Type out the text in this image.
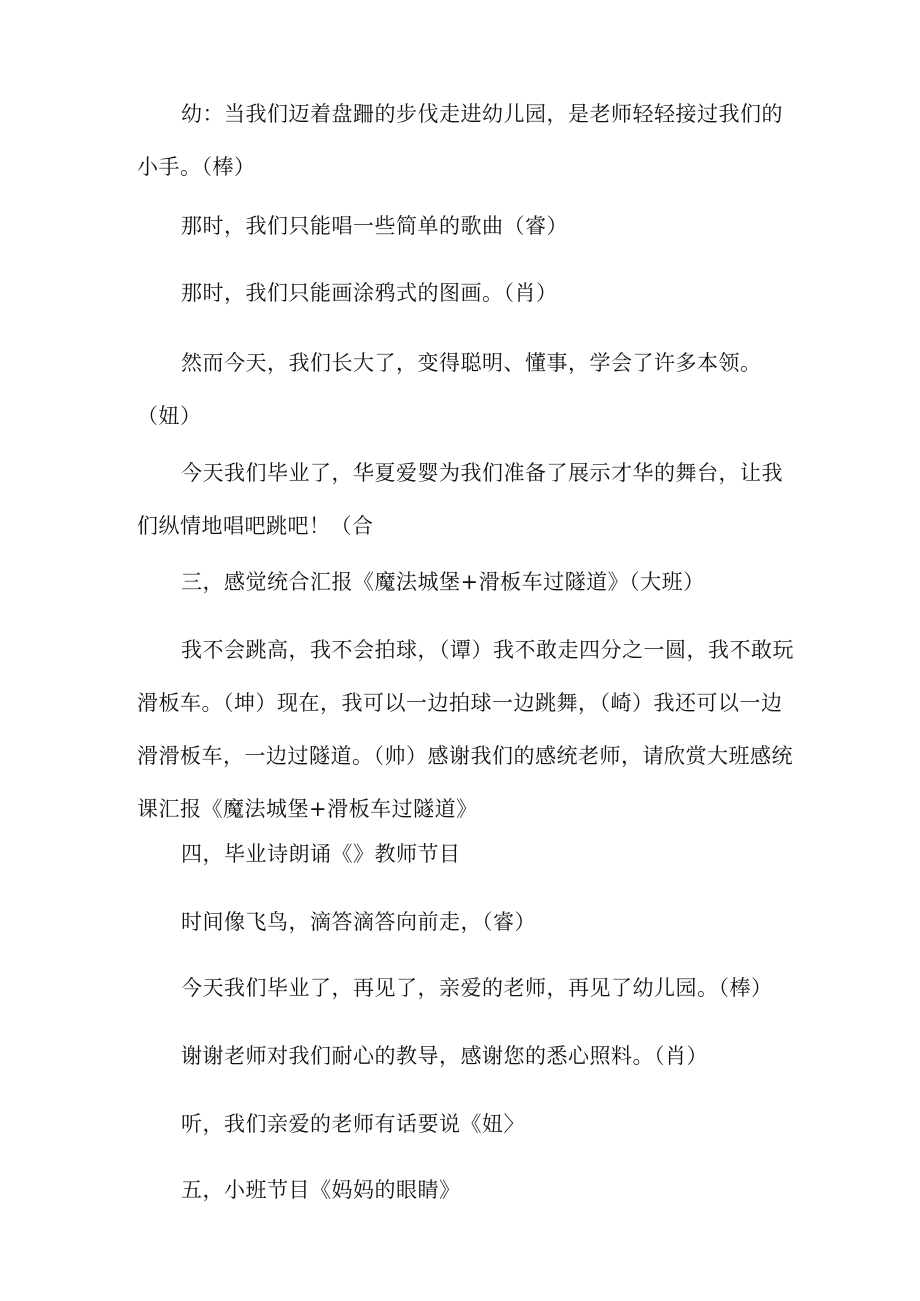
幼：当我们迈着盘跚的步伐走进幼儿园，是老师轻轻接过我们的小手。（棒）

那时，我们只能唱一些简单的歌曲（睿）

那时，我们只能画涂鸦式的图画。（肖）

然而今天，我们长大了，变得聪明、懂事，学会了许多本领。（妞）

今天我们毕业了，华夏爱婴为我们准备了展示才华的舞台，让我们纵情地唱吧跳吧！（合

三，感觉统合汇报《魔法城堡+滑板车过隧道》（大班）

我不会跳高，我不会拍球，（谭）我不敢走四分之一圆，我不敢玩滑板车。（坤）现在，我可以一边拍球一边跳舞，（崎）我还可以一边滑滑板车，一边过隧道。（帅）感谢我们的感统老师，请欣赏大班感统课汇报《魔法城堡+滑板车过隧道》

四，毕业诗朗诵《》教师节目

时间像飞鸟，滴答滴答向前走，（睿）

今天我们毕业了，再见了，亲爱的老师，再见了幼儿园。（棒）

谢谢老师对我们耐心的教导，感谢您的悉心照料。（肖）

听，我们亲爱的老师有话要说《妞〉

五，小班节目《妈妈的眼睛》
